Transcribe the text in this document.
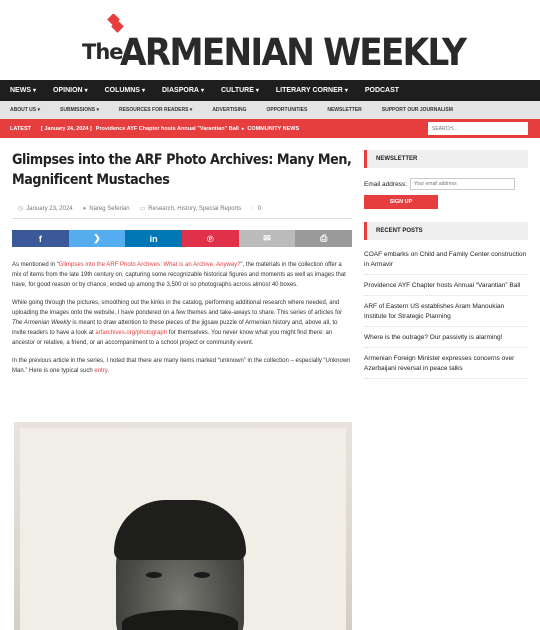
The
ARMENIAN WEEKLY
NEWS ▾ OPINION ▾ COLUMNS ▾ DIASPORA ▾ CULTURE ▾ LITERARY CORNER ▾ PODCAST
ABOUT US ▾	SUBMISSIONS ▾	RESOURCES FOR READERS ▾	ADVERTISING	OPPORTUNITIES	NEWSLETTER	SUPPORT OUR JOURNALISM
LATEST [ January 24, 2024 ] Providence AYF Chapter hosts Annual "Varantian" Ball ▸ COMMUNITY NEWS
SEARCH...
Glimpses into the ARF Photo Archives: Many Men, Magnificent Mustaches
◷ January 23, 2024 ● Nareg Seferian ▭ Research, History, Special Reports ◌ 0
f	❯	in	℗	✉	⎙

As mentioned in “Glimpses into the ARF Photo Archives: What is an Archive, Anyway?”, the materials in the collection offer a mix of items from the late 19th century on, capturing some recognizable historical figures and moments as well as images that have, for good reason or by chance, ended up among the 3,500 or so photographs across almost 40 boxes.

While going through the pictures, smoothing out the kinks in the catalog, performing additional research where needed, and uploading the images onto the website, I have pondered on a few themes and take-aways to share. This series of articles for The Armenian Weekly is meant to draw attention to these pieces of the jigsaw puzzle of Armenian history and, above all, to invite readers to have a look at arfarchives.org/photograph for themselves. You never know what you might find there: an ancestor or relative, a friend, or an accompaniment to a school project or community event.

In the previous article in the series, I noted that there are many items marked “unknown” in the collection – especially “Unknown Man.” Here is one typical such entry.

NEWSLETTER
Email address:
Your email address
SIGN UP
RECENT POSTS
COAF embarks on Child and Family Center construction in Armavir
Providence AYF Chapter hosts Annual “Varantian” Ball
ARF of Eastern US establishes Aram Manoukian Institute for Strategic Planning
Where is the outrage? Our passivity is alarming!
Armenian Foreign Minister expresses concerns over Azerbaijani reversal in peace talks
